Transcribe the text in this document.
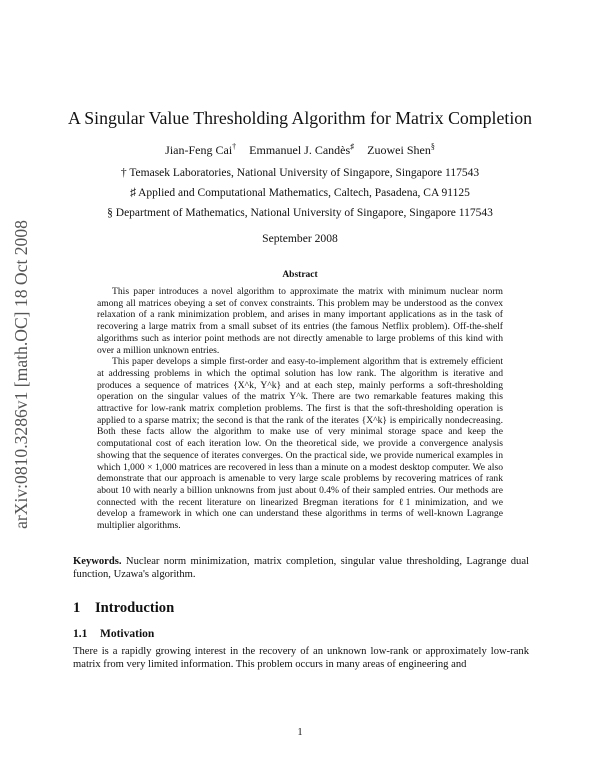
arXiv:0810.3286v1 [math.OC] 18 Oct 2008
A Singular Value Thresholding Algorithm for Matrix Completion
Jian-Feng Cai† Emmanuel J. Candès♯ Zuowei Shen§
† Temasek Laboratories, National University of Singapore, Singapore 117543
♯ Applied and Computational Mathematics, Caltech, Pasadena, CA 91125
§ Department of Mathematics, National University of Singapore, Singapore 117543
September 2008
Abstract

This paper introduces a novel algorithm to approximate the matrix with minimum nuclear norm among all matrices obeying a set of convex constraints. This problem may be understood as the convex relaxation of a rank minimization problem, and arises in many important applications as in the task of recovering a large matrix from a small subset of its entries (the famous Netflix problem). Off-the-shelf algorithms such as interior point methods are not directly amenable to large problems of this kind with over a million unknown entries.

This paper develops a simple first-order and easy-to-implement algorithm that is extremely efficient at addressing problems in which the optimal solution has low rank. The algorithm is iterative and produces a sequence of matrices {X^k, Y^k} and at each step, mainly performs a soft-thresholding operation on the singular values of the matrix Y^k. There are two remarkable features making this attractive for low-rank matrix completion problems. The first is that the soft-thresholding operation is applied to a sparse matrix; the second is that the rank of the iterates {X^k} is empirically nondecreasing. Both these facts allow the algorithm to make use of very minimal storage space and keep the computational cost of each iteration low. On the theoretical side, we provide a convergence analysis showing that the sequence of iterates converges. On the practical side, we provide numerical examples in which 1,000 × 1,000 matrices are recovered in less than a minute on a modest desktop computer. We also demonstrate that our approach is amenable to very large scale problems by recovering matrices of rank about 10 with nearly a billion unknowns from just about 0.4% of their sampled entries. Our methods are connected with the recent literature on linearized Bregman iterations for ℓ1 minimization, and we develop a framework in which one can understand these algorithms in terms of well-known Lagrange multiplier algorithms.

Keywords. Nuclear norm minimization, matrix completion, singular value thresholding, Lagrange dual function, Uzawa's algorithm.
1 Introduction
1.1 Motivation
There is a rapidly growing interest in the recovery of an unknown low-rank or approximately low-rank matrix from very limited information. This problem occurs in many areas of engineering and
1
